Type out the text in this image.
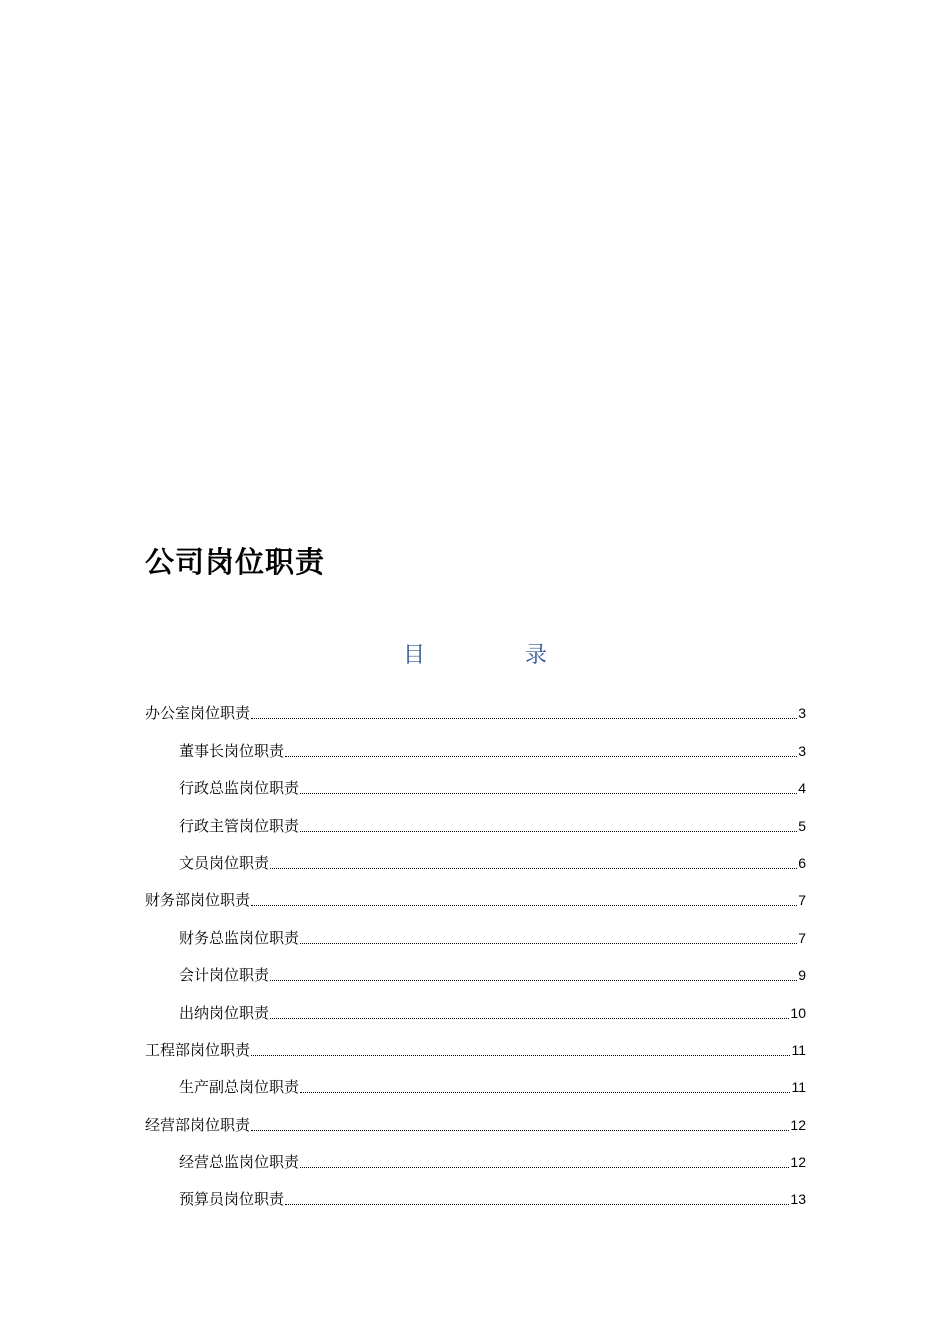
公司岗位职责
目	录
办公室岗位职责	3
董事长岗位职责	3
行政总监岗位职责	4
行政主管岗位职责	5
文员岗位职责	6
财务部岗位职责	7
财务总监岗位职责	7
会计岗位职责	9
出纳岗位职责	10
工程部岗位职责	11
生产副总岗位职责	11
经营部岗位职责	12
经营总监岗位职责	12
预算员岗位职责	13
